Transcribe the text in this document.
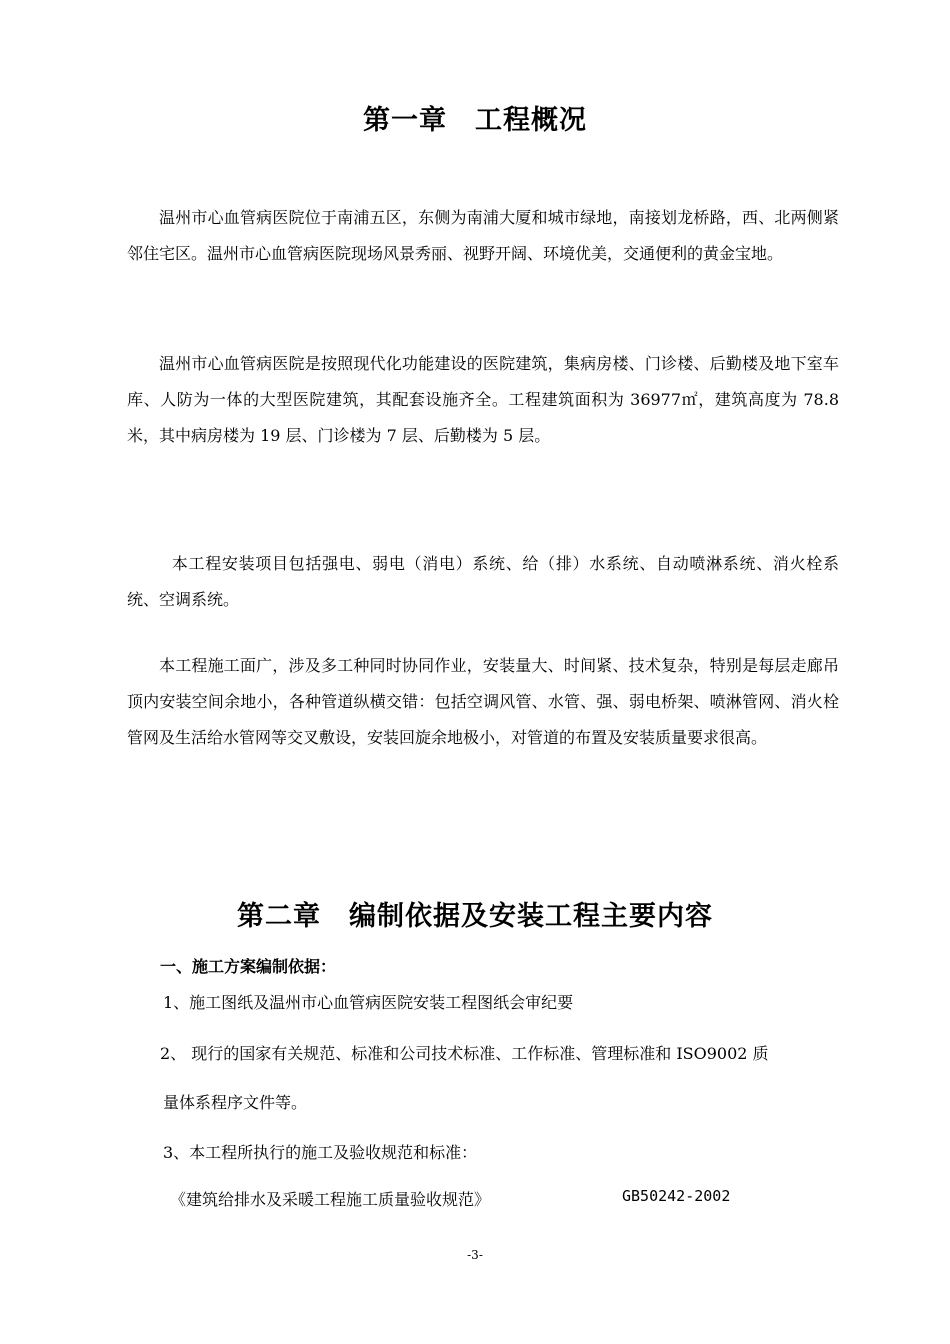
第一章 工程概况

温州市心血管病医院位于南浦五区，东侧为南浦大厦和城市绿地，南接划龙桥路，西、北两侧紧邻住宅区。温州市心血管病医院现场风景秀丽、视野开阔、环境优美，交通便利的黄金宝地。

温州市心血管病医院是按照现代化功能建设的医院建筑，集病房楼、门诊楼、后勤楼及地下室车库、人防为一体的大型医院建筑，其配套设施齐全。工程建筑面积为 36977㎡，建筑高度为 78.8 米，其中病房楼为 19 层、门诊楼为 7 层、后勤楼为 5 层。

本工程安装项目包括强电、弱电（消电）系统、给（排）水系统、自动喷淋系统、消火栓系统、空调系统。

本工程施工面广，涉及多工种同时协同作业，安装量大、时间紧、技术复杂，特别是每层走廊吊顶内安装空间余地小，各种管道纵横交错：包括空调风管、水管、强、弱电桥架、喷淋管网、消火栓管网及生活给水管网等交叉敷设，安装回旋余地极小，对管道的布置及安装质量要求很高。

第二章 编制依据及安装工程主要内容

一、施工方案编制依据：

1、施工图纸及温州市心血管病医院安装工程图纸会审纪要

2、 现行的国家有关规范、标准和公司技术标准、工作标准、管理标准和 ISO9002 质

量体系程序文件等。

3、本工程所执行的施工及验收规范和标准：

《建筑给排水及采暖工程施工质量验收规范》	GB50242-2002
-3-
